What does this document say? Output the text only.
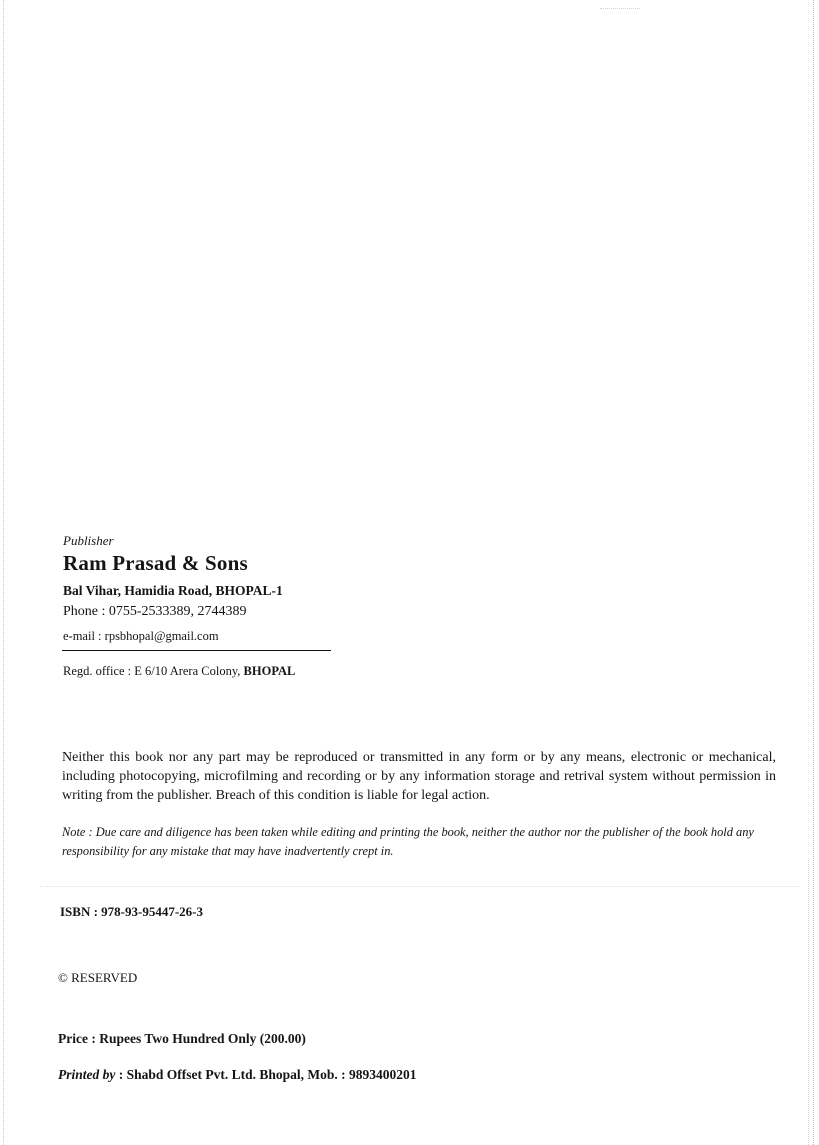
Publisher
Ram Prasad & Sons
Bal Vihar, Hamidia Road, BHOPAL-1
Phone : 0755-2533389, 2744389
e-mail : rpsbhopal@gmail.com
Regd. office : E 6/10 Arera Colony, BHOPAL
Neither this book nor any part may be reproduced or transmitted in any form or by any means, electronic or mechanical, including photocopying, microfilming and recording or by any information storage and retrival system without permission in writing from the publisher. Breach of this condition is liable for legal action.
Note : Due care and diligence has been taken while editing and printing the book, neither the author nor the publisher of the book hold any responsibility for any mistake that may have inadvertently crept in.
ISBN : 978-93-95447-26-3
© RESERVED
Price : Rupees Two Hundred Only (200.00)
Printed by : Shabd Offset Pvt. Ltd. Bhopal, Mob. : 9893400201
